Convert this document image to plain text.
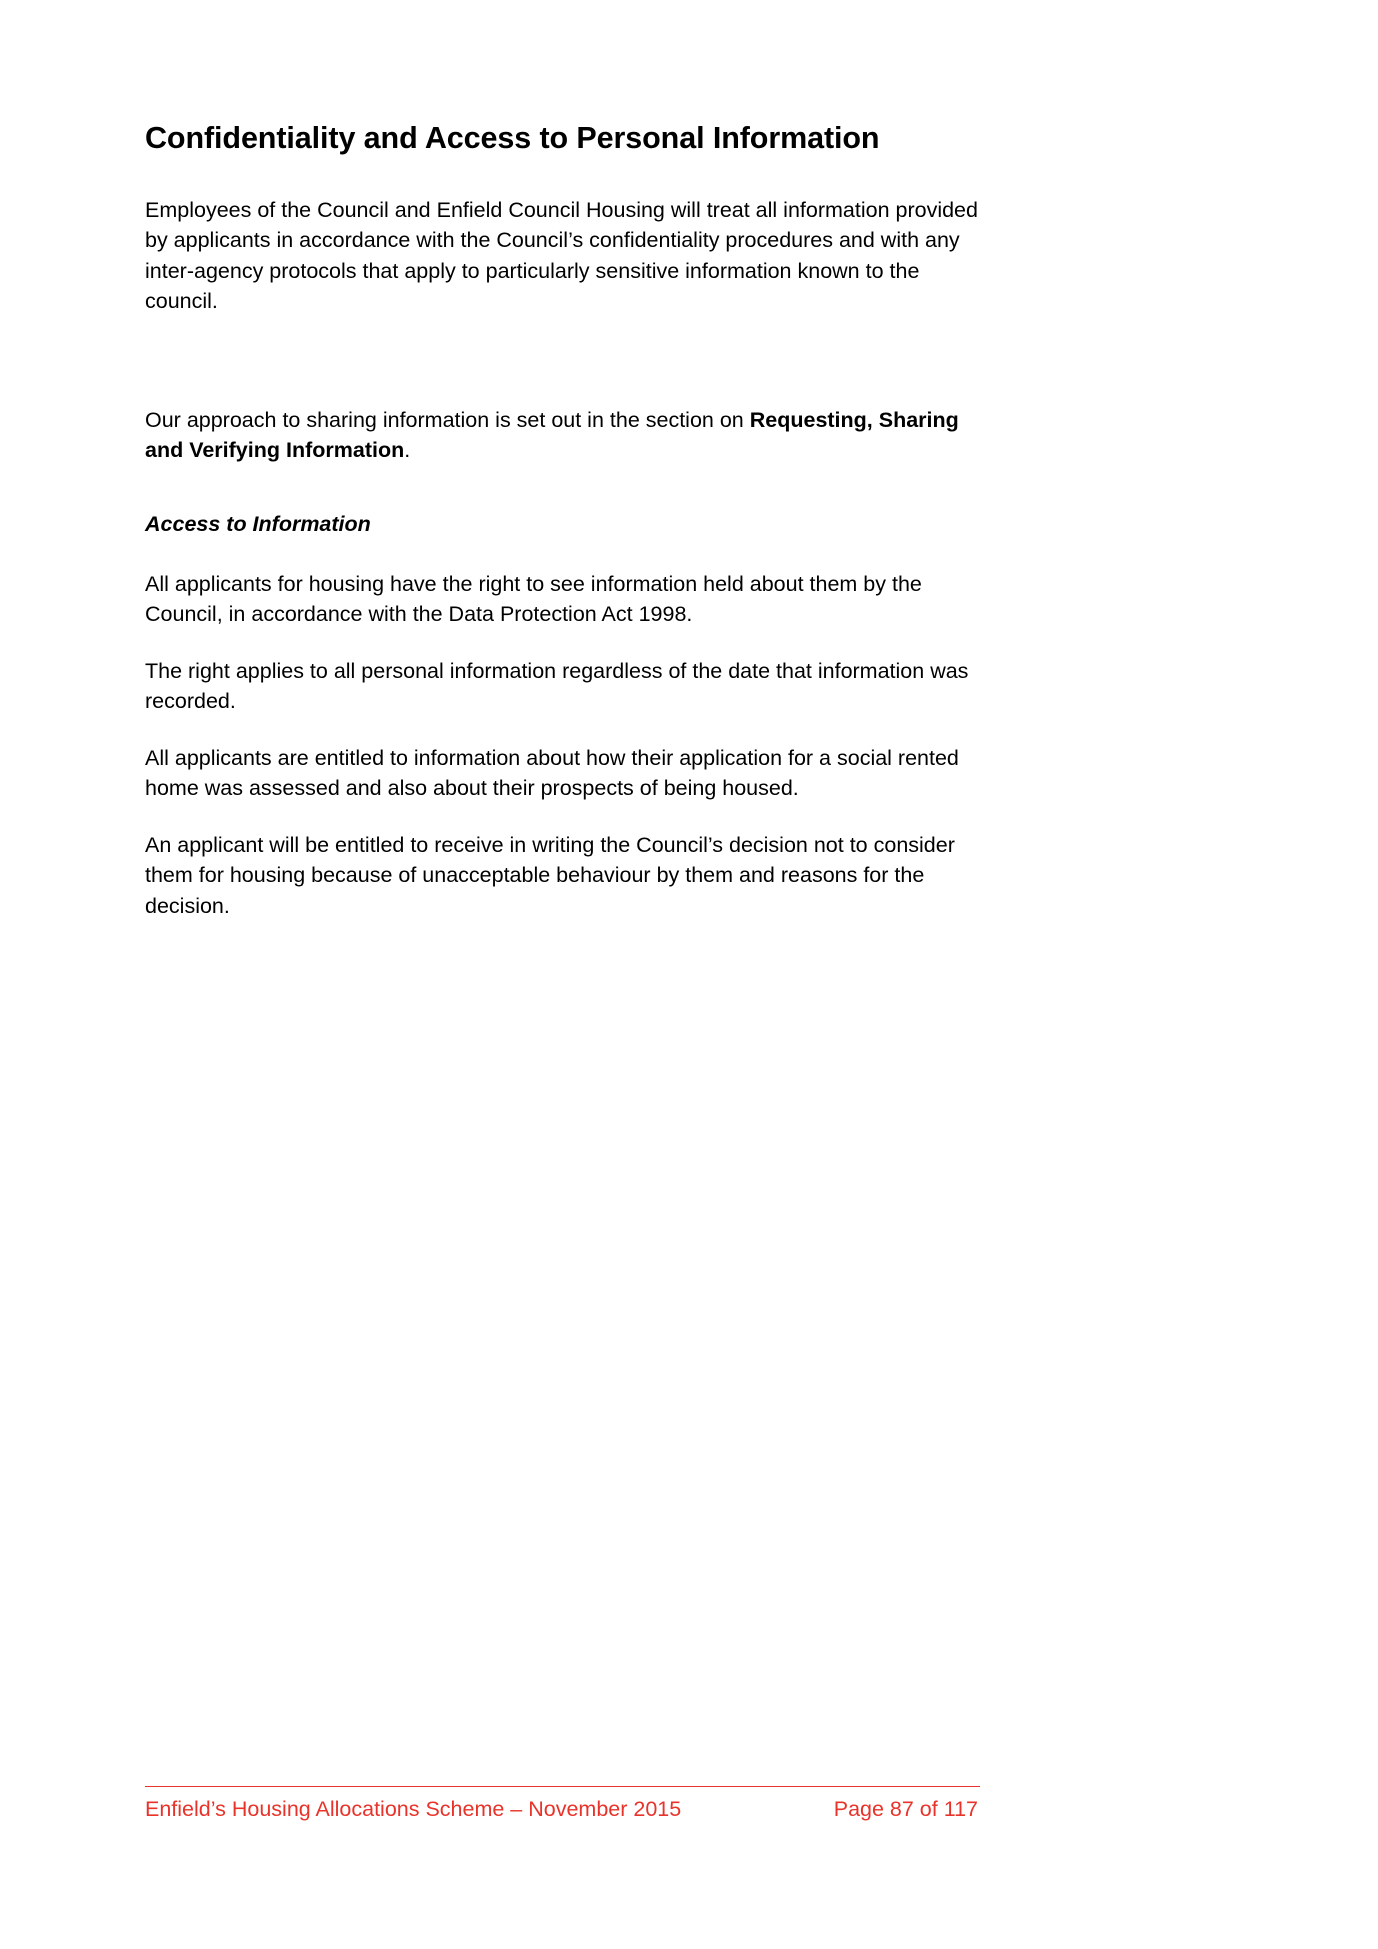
Confidentiality and Access to Personal Information

Employees of the Council and Enfield Council Housing will treat all information provided by applicants in accordance with the Council’s confidentiality procedures and with any inter-agency protocols that apply to particularly sensitive information known to the council.

Our approach to sharing information is set out in the section on Requesting, Sharing and Verifying Information.

Access to Information

All applicants for housing have the right to see information held about them by the Council, in accordance with the Data Protection Act 1998.

The right applies to all personal information regardless of the date that information was recorded.

All applicants are entitled to information about how their application for a social rented home was assessed and also about their prospects of being housed.

An applicant will be entitled to receive in writing the Council’s decision not to consider them for housing because of unacceptable behaviour by them and reasons for the decision.

Enfield’s Housing Allocations Scheme – November 2015	Page 87 of 117
